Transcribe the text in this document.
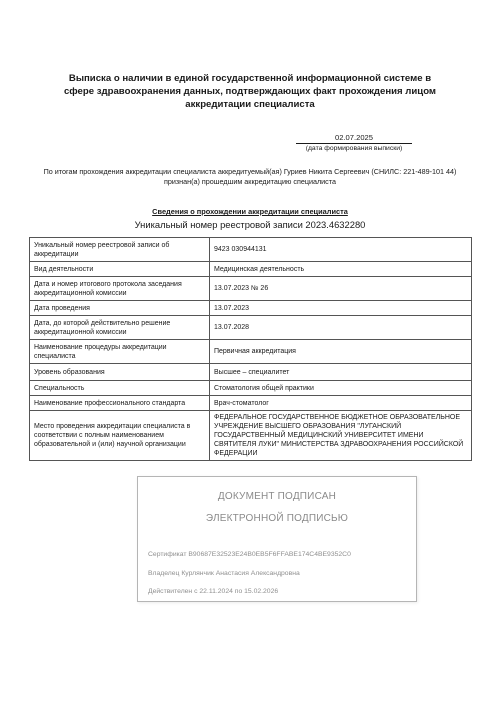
Выписка о наличии в единой государственной информационной системе в сфере здравоохранения данных, подтверждающих факт прохождения лицом аккредитации специалиста
02.07.2025
(дата формирования выписки)
По итогам прохождения аккредитации специалиста аккредитуемый(ая) Гуриев Никита Сергеевич (СНИЛС: 221-489-101 44)
признан(а) прошедшим аккредитацию специалиста
Сведения о прохождении аккредитации специалиста
Уникальный номер реестровой записи 2023.4632280
Уникальный номер реестровой записи об аккредитации	9423 030944131
Вид деятельности	Медицинская деятельность
Дата и номер итогового протокола заседания аккредитационной комиссии	13.07.2023 № 26
Дата проведения	13.07.2023
Дата, до которой действительно решение аккредитационной комиссии	13.07.2028
Наименование процедуры аккредитации специалиста	Первичная аккредитация
Уровень образования	Высшее – специалитет
Специальность	Стоматология общей практики
Наименование профессионального стандарта	Врач-стоматолог
Место проведения аккредитации специалиста в соответствии с полным наименованием образовательной и (или) научной организации	ФЕДЕРАЛЬНОЕ ГОСУДАРСТВЕННОЕ БЮДЖЕТНОЕ ОБРАЗОВАТЕЛЬНОЕ УЧРЕЖДЕНИЕ ВЫСШЕГО ОБРАЗОВАНИЯ "ЛУГАНСКИЙ ГОСУДАРСТВЕННЫЙ МЕДИЦИНСКИЙ УНИВЕРСИТЕТ ИМЕНИ СВЯТИТЕЛЯ ЛУКИ" МИНИСТЕРСТВА ЗДРАВООХРАНЕНИЯ РОССИЙСКОЙ ФЕДЕРАЦИИ
ДОКУМЕНТ ПОДПИСАН
ЭЛЕКТРОННОЙ ПОДПИСЬЮ
Сертификат B90687E32523E24B0EB5F6FFABE174C4BE9352C0
Владелец Курлянчик Анастасия Александровна
Действителен с 22.11.2024 по 15.02.2026
